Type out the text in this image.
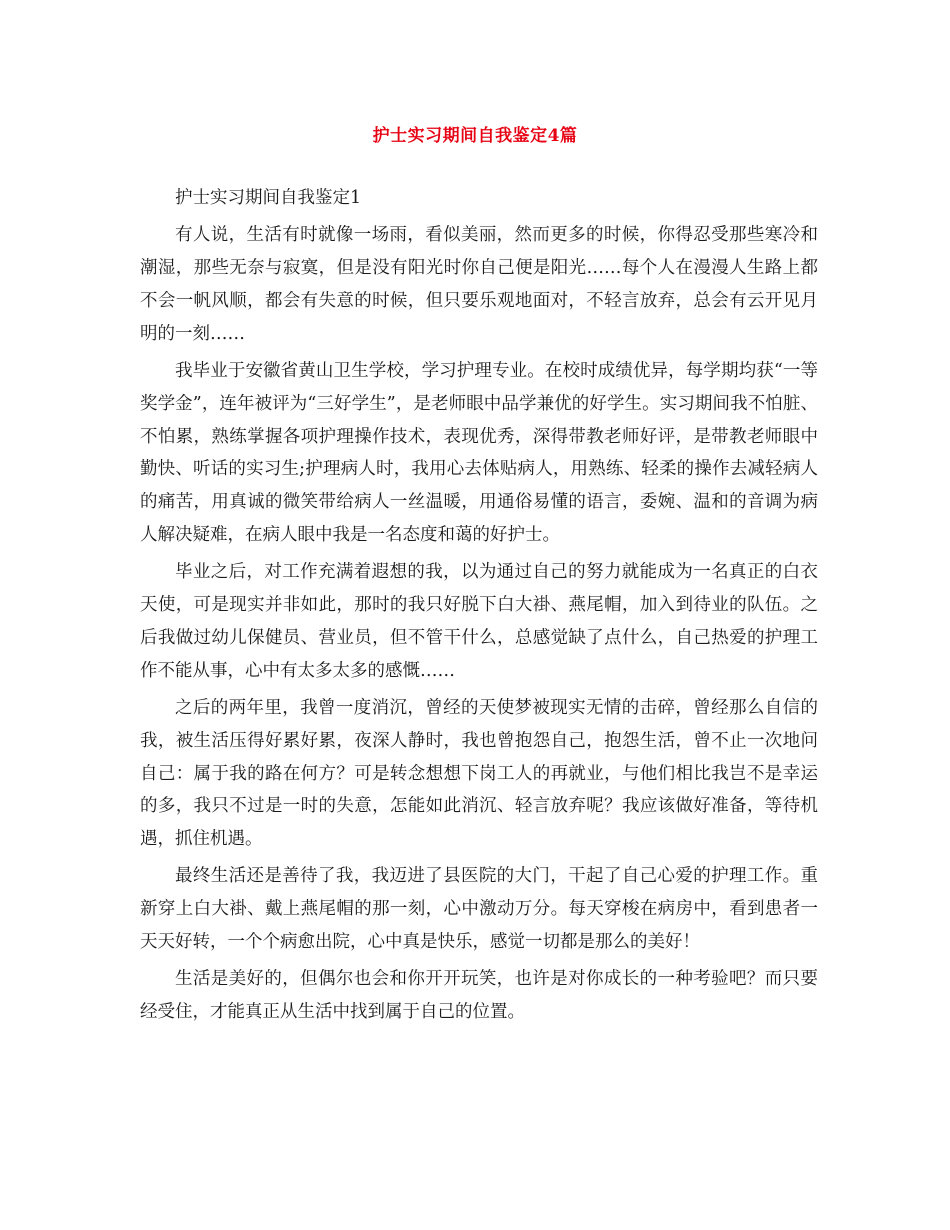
护士实习期间自我鉴定4篇

护士实习期间自我鉴定1

有人说，生活有时就像一场雨，看似美丽，然而更多的时候，你得忍受那些寒冷和潮湿，那些无奈与寂寞，但是没有阳光时你自己便是阳光……每个人在漫漫人生路上都不会一帆风顺，都会有失意的时候，但只要乐观地面对，不轻言放弃，总会有云开见月明的一刻……

我毕业于安徽省黄山卫生学校，学习护理专业。在校时成绩优异，每学期均获“一等奖学金”，连年被评为“三好学生”，是老师眼中品学兼优的好学生。实习期间我不怕脏、不怕累，熟练掌握各项护理操作技术，表现优秀，深得带教老师好评，是带教老师眼中勤快、听话的实习生;护理病人时，我用心去体贴病人，用熟练、轻柔的操作去减轻病人的痛苦，用真诚的微笑带给病人一丝温暖，用通俗易懂的语言，委婉、温和的音调为病人解决疑难，在病人眼中我是一名态度和蔼的好护士。

毕业之后，对工作充满着遐想的我，以为通过自己的努力就能成为一名真正的白衣天使，可是现实并非如此，那时的我只好脱下白大褂、燕尾帽，加入到待业的队伍。之后我做过幼儿保健员、营业员，但不管干什么，总感觉缺了点什么，自己热爱的护理工作不能从事，心中有太多太多的感慨……

之后的两年里，我曾一度消沉，曾经的天使梦被现实无情的击碎，曾经那么自信的我，被生活压得好累好累，夜深人静时，我也曾抱怨自己，抱怨生活，曾不止一次地问自己：属于我的路在何方？可是转念想想下岗工人的再就业，与他们相比我岂不是幸运的多，我只不过是一时的失意，怎能如此消沉、轻言放弃呢？我应该做好准备，等待机遇，抓住机遇。

最终生活还是善待了我，我迈进了县医院的大门，干起了自己心爱的护理工作。重新穿上白大褂、戴上燕尾帽的那一刻，心中激动万分。每天穿梭在病房中，看到患者一天天好转，一个个病愈出院，心中真是快乐，感觉一切都是那么的美好！

生活是美好的，但偶尔也会和你开开玩笑，也许是对你成长的一种考验吧？而只要经受住，才能真正从生活中找到属于自己的位置。
